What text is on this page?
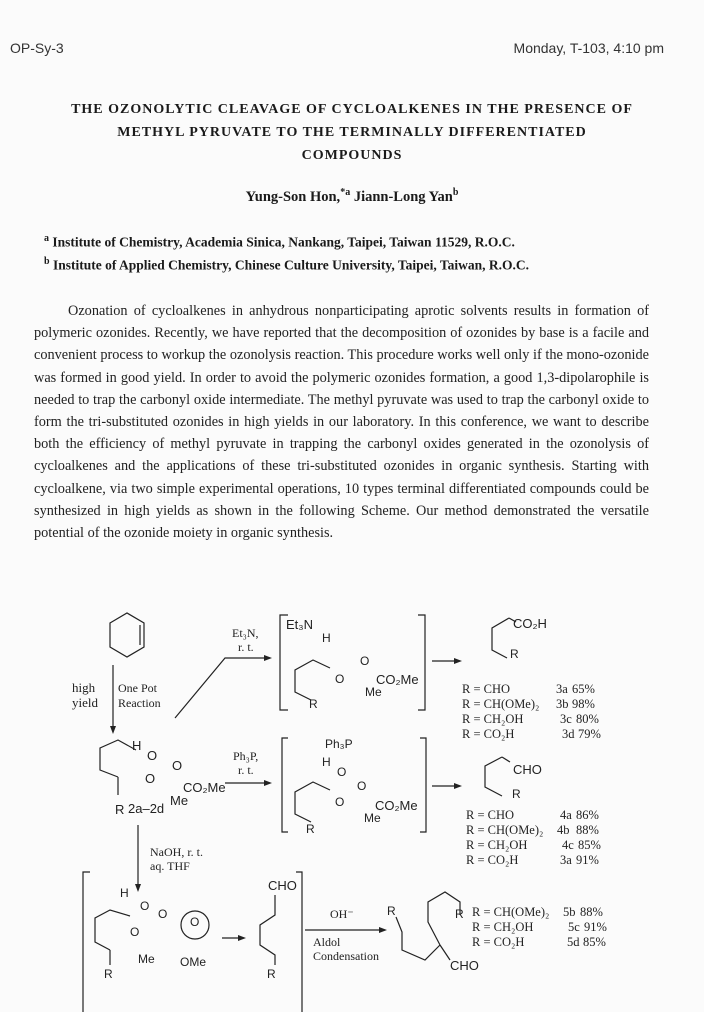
OP-Sy-3	Monday, T-103, 4:10 pm
THE OZONOLYTIC CLEAVAGE OF CYCLOALKENES IN THE PRESENCE OF
METHYL PYRUVATE TO THE TERMINALLY DIFFERENTIATED
COMPOUNDS
Yung-Son Hon,$^{*a}$ Jiann-Long Yan$^b$
$^a$ Institute of Chemistry, Academia Sinica, Nankang, Taipei, Taiwan 11529, R.O.C.
$^b$ Institute of Applied Chemistry, Chinese Culture University, Taipei, Taiwan, R.O.C.

Ozonation of cycloalkenes in anhydrous nonparticipating aprotic solvents results in formation of polymeric ozonides. Recently, we have reported that the decomposition of ozonides by base is a facile and convenient process to workup the ozonolysis reaction. This procedure works well only if the mono-ozonide was formed in good yield. In order to avoid the polymeric ozonides formation, a good 1,3-dipolarophile is needed to trap the carbonyl oxide intermediate. The methyl pyruvate was used to trap the carbonyl oxide to form the tri-substituted ozonides in high yields in our laboratory. In this conference, we want to describe both the efficiency of methyl pyruvate in trapping the carbonyl oxides generated in the ozonolysis of cycloalkenes and the applications of these tri-substituted ozonides in organic synthesis. Starting with cycloalkene, via two simple experimental operations, 10 types terminal differentiated compounds could be synthesized in high yields as shown in the following Scheme. Our method demonstrated the versatile potential of the ozonide moiety in organic synthesis.

high
yield
One Pot
Reaction
H
O
O
O
CO₂Me
Me
R 2a–2d
Et₃N,
r. t.
Et₃N
H
R
O
O
CO₂Me
Me
CO₂H
R
R = CHO	3a 65%
R = CH(OMe)₂ 3b 98%
R = CH₂OH	3c 80%
R = CO₂H	3d 79%
Ph₃P,
r. t.
Ph₃P
H
R
O
O
O CO₂Me
Me
CHO
R
R = CHO	4a 86%
R = CH(OMe)₂ 4b 88%
R = CH₂OH	4c 85%
R = CO₂H	3a 91%
NaOH, r. t.
aq. THF
H
R
O
O
O
O
Me OMe
CHO
R
OH⁻
Aldol
Condensation
R	R
CHO
R = CH(OMe)₂ 5b 88%
R = CH₂OH	5c 91%
R = CO₂H	5d 85%
